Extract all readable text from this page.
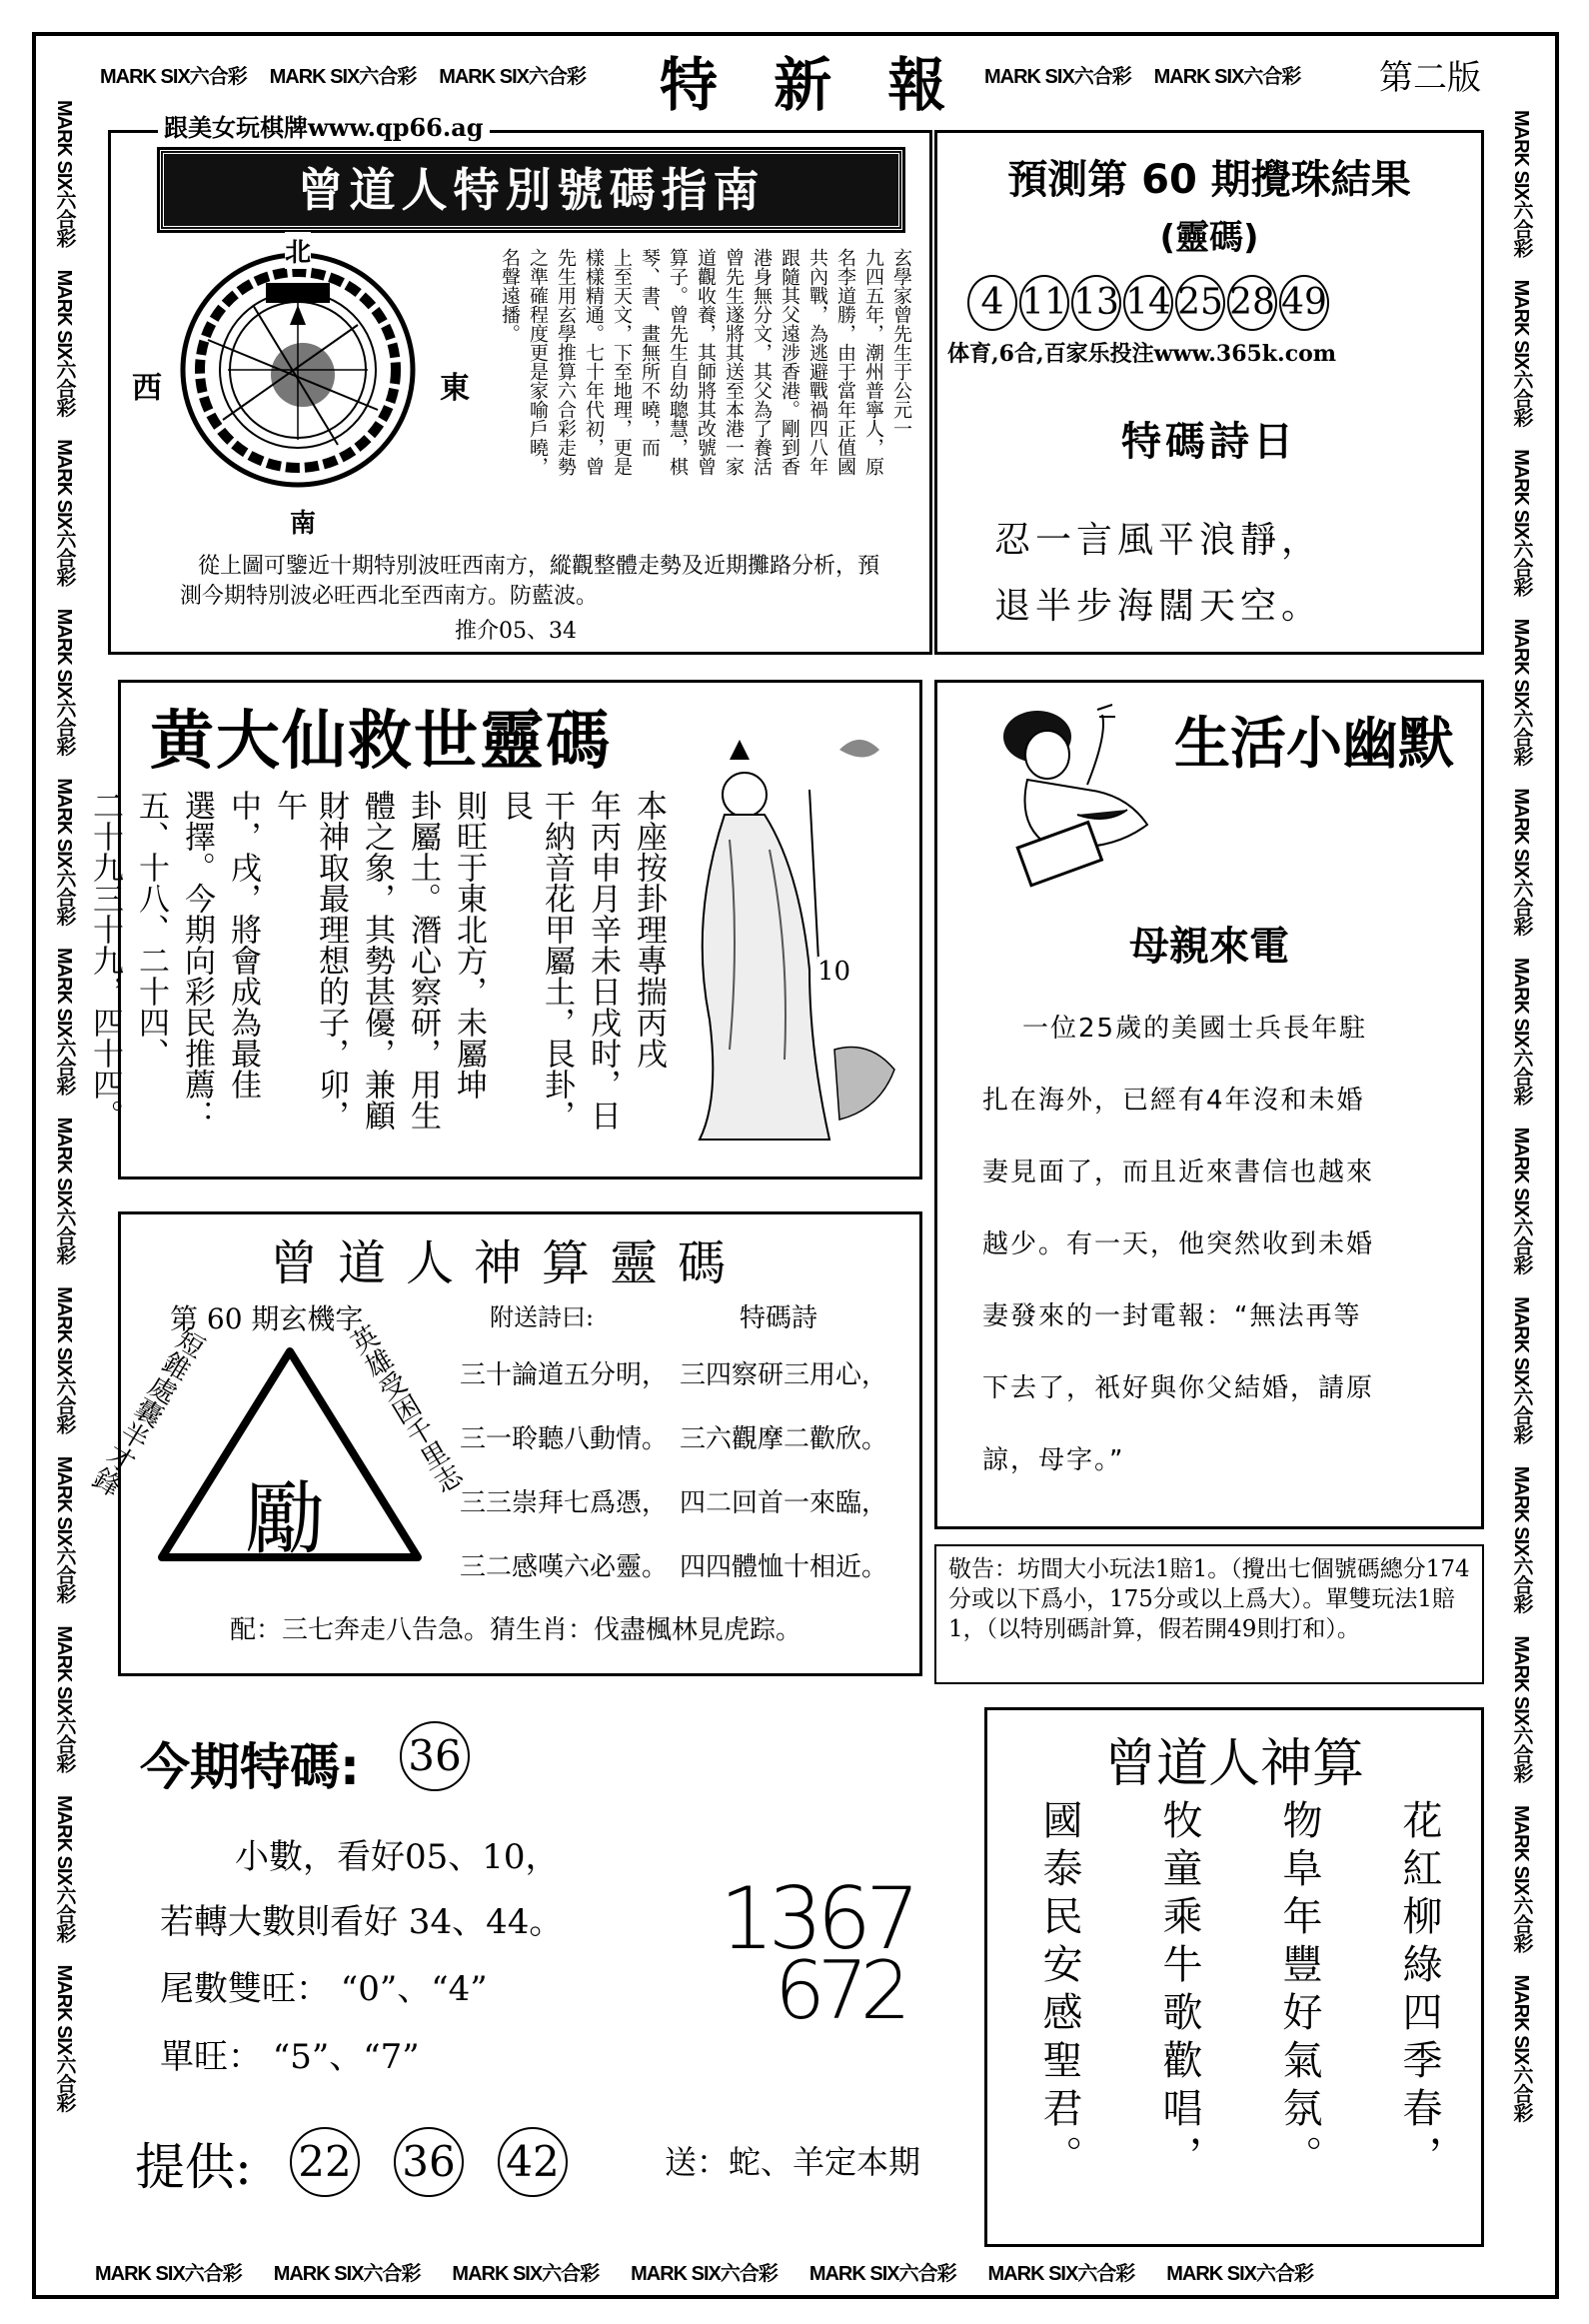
MARK SIX六合彩 MARK SIX六合彩 MARK SIX六合彩 特 新 報 MARK SIX六合彩 MARK SIX六合彩 第二版
MARK SIX六合彩     MARK SIX六合彩     MARK SIX六合彩     MARK SIX六合彩     MARK SIX六合彩     MARK SIX六合彩     MARK SIX六合彩     MARK SIX六合彩     MARK SIX六合彩     MARK SIX六合彩     MARK SIX六合彩     MARK SIX六合彩
MARK SIX六合彩     MARK SIX六合彩     MARK SIX六合彩     MARK SIX六合彩     MARK SIX六合彩     MARK SIX六合彩     MARK SIX六合彩     MARK SIX六合彩     MARK SIX六合彩     MARK SIX六合彩     MARK SIX六合彩     MARK SIX六合彩
MARK SIX六合彩 MARK SIX六合彩 MARK SIX六合彩 MARK SIX六合彩 MARK SIX六合彩 MARK SIX六合彩 MARK SIX六合彩
跟美女玩棋牌www.qp66.ag
曾道人特別號碼指南
北
南
西	東	玄學家曾先生于公元一
九四五年，潮州普寧人，原
名李道勝，由于當年正值國
共內戰，為逃避戰禍四八年
跟隨其父遠涉香港。剛到香
港身無分文，其父為了養活
曾先生遂將其送至本港一家
道觀收養，其師將其改號曾
算子。曾先生自幼聰慧，棋
琴、書、畫無所不曉，而
上至天文，下至地理，更是
樣樣精通。七十年代初，曾
先生用玄學推算六合彩走勢
之準確程度更是家喻戶曉，
名聲遠播。
從上圖可鑒近十期特別波旺西南方，縱觀整體走勢及近期攤路分析，預測今期特別波必旺西北至西南方。防藍波。
推介05、34
預測第 60 期攪珠結果
(靈碼)
4 11 13 14 25 28 49
体育,6合,百家乐投注www.365k.com
特碼詩日
忍一言風平浪靜，
退半步海闊天空。
黄大仙救世靈碼
本座按卦理專揣丙戌
年丙申月辛未日戌时，日
干納音花甲屬土，艮卦，艮
則旺于東北方，未屬坤
卦屬土。潛心察研，用生
體之象，其勢甚優，兼顧
財神取最理想的子，卯，午
中，戌，將會成為最佳
選擇。今期向彩民推薦：
五、十八、二十四、
二十九三十九，四十四。	10
生活小幽默
母親來電
一位25歲的美國士兵長年駐
扎在海外，已經有4年沒和未婚
妻見面了，而且近來書信也越來
越少。有一天，他突然收到未婚
妻發來的一封電報：“無法再等
下去了，衹好與你父結婚，請原
諒，母字。”
曾道人神算靈碼
第 60 期玄機字	附送詩曰:	特碼詩
勵
短錐處囊半才鋒	英雄受困千里志
三十論道五分明， 三四察研三用心，
三一聆聽八動情。 三六觀摩二歡欣。
三三崇拜七爲憑， 四二回首一來臨，
三二感嘆六必靈。 四四體恤十相近。
配：三七奔走八告急。猜生肖：伐盡楓林見虎踪。
敬告：坊間大小玩法1賠1。（攪出七個號碼總分174分或以下爲小，175分或以上爲大）。單雙玩法1賠1，（以特別碼計算，假若開49則打和）。
今期特碼: 36
小數，看好05、10，
若轉大數則看好 34、44。
尾數雙旺： “0”、“4”
單旺： “5”、“7”
提供: 22 36 42	送：蛇、羊定本期
1367
672
曾道人神算
花紅柳綠四季春，
物阜年豐好氣氛。
牧童乘牛歌歡唱，
國泰民安感聖君。
